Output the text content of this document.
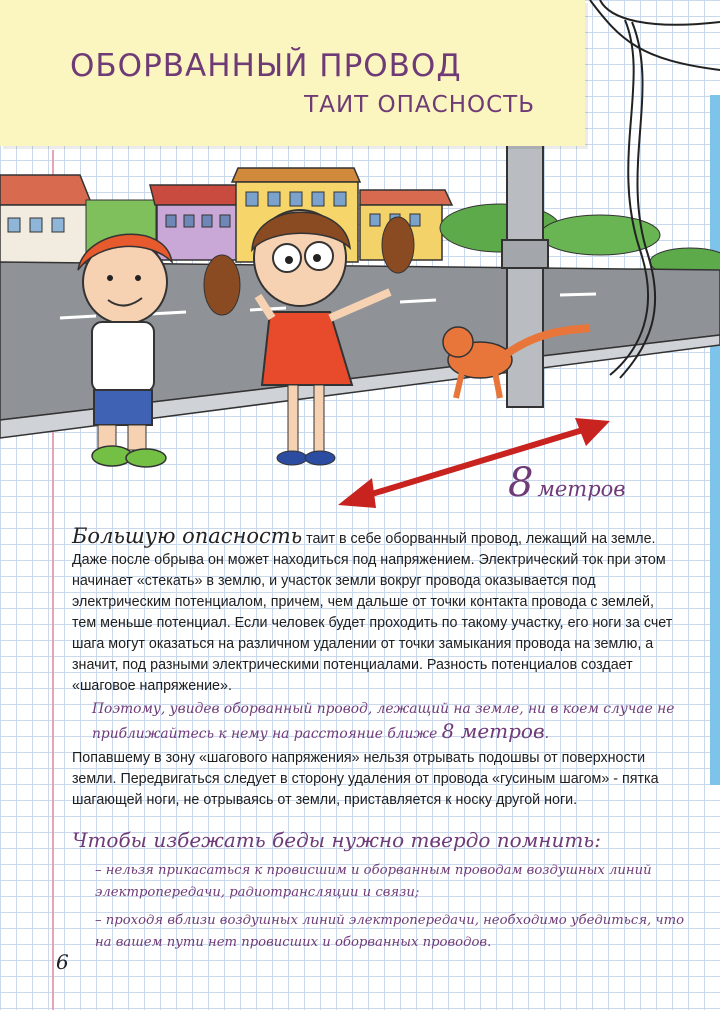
ОБОРВАННЫЙ ПРОВОД
ТАИТ ОПАСНОСТЬ
8 метров

Большую опасность таит в себе оборванный провод, лежащий на земле. Даже после обрыва он может находиться под напряжением. Электрический ток при этом начинает «стекать» в землю, и участок земли вокруг провода оказывается под электрическим потенциалом, причем, чем дальше от точки контакта провода с землей, тем меньше потенциал. Если человек будет проходить по такому участку, его ноги за счет шага могут оказаться на различном удалении от точки замыкания провода на землю, а значит, под разными электрическими потенциалами. Разность потенциалов создает «шаговое напряжение».

Поэтому, увидев оборванный провод, лежащий на земле, ни в коем случае не приближайтесь к нему на расстояние ближе 8 метров.

Попавшему в зону «шагового напряжения» нельзя отрывать подошвы от поверхности земли. Передвигаться следует в сторону удаления от провода «гусиным шагом» - пятка шагающей ноги, не отрываясь от земли, приставляется к носку другой ноги.

Чтобы избежать беды нужно твердо помнить:

– нельзя прикасаться к провисшим и оборванным проводам воздушных линий электропередачи, радиотрансляции и связи;

– проходя вблизи воздушных линий электропередачи, необходимо убедиться, что на вашем пути нет провисших и оборванных проводов.

6
